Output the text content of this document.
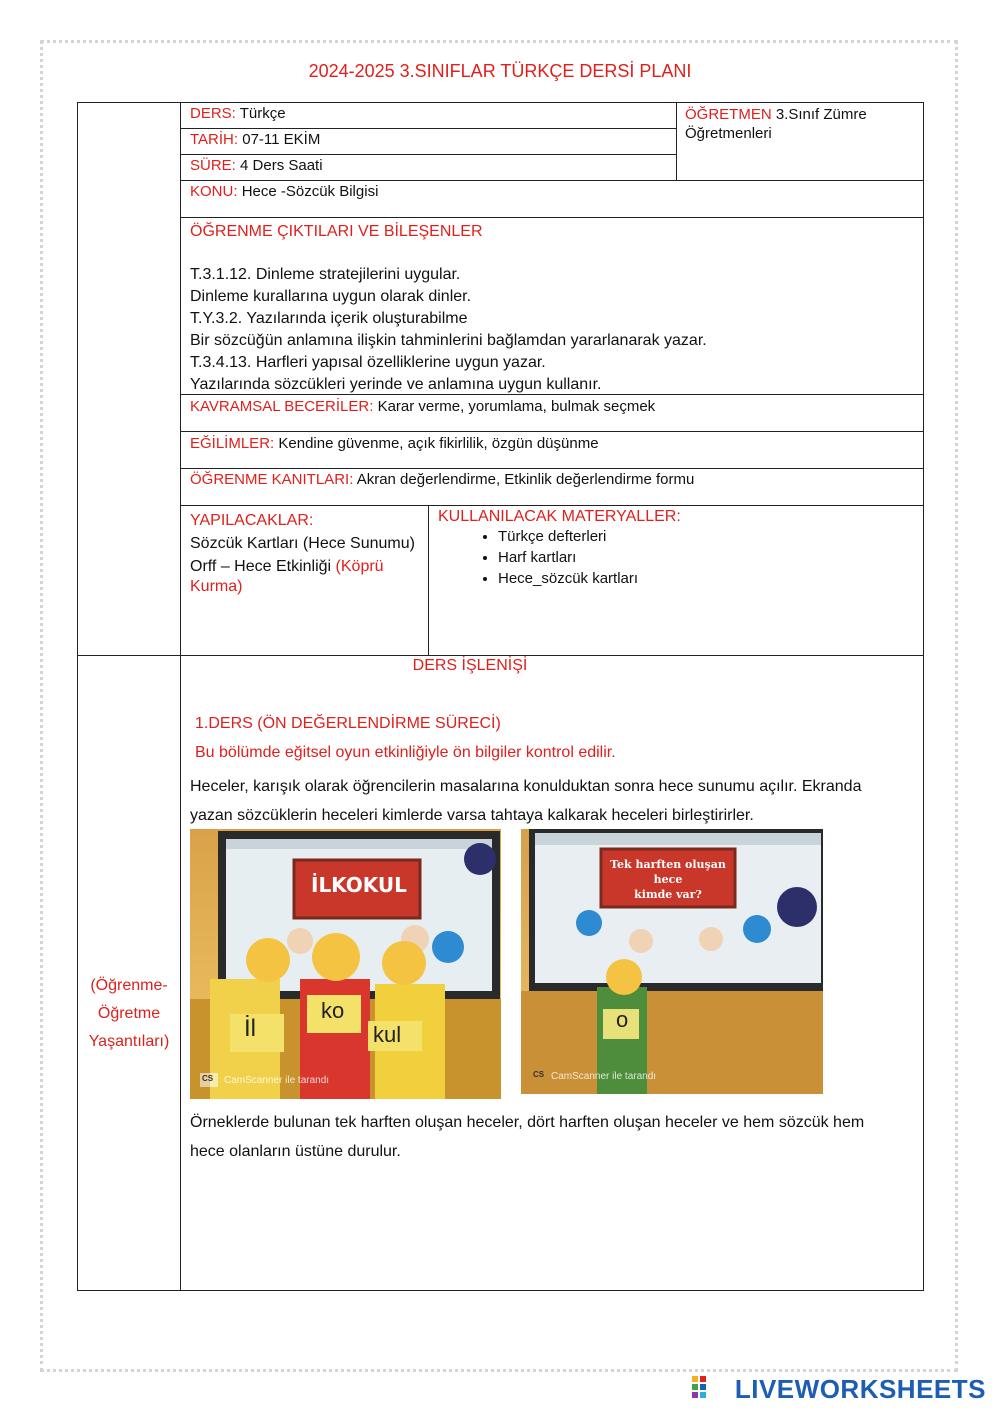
2024-2025 3.SINIFLAR TÜRKÇE DERSİ PLANI
DERS: Türkçe
TARİH: 07-11 EKİM
SÜRE: 4 Ders Saati
ÖĞRETMEN 3.Sınıf Zümre Öğretmenleri
KONU: Hece -Sözcük Bilgisi
ÖĞRENME ÇIKTILARI VE BİLEŞENLER
T.3.1.12. Dinleme stratejilerini uygular.
Dinleme kurallarına uygun olarak dinler.
T.Y.3.2. Yazılarında içerik oluşturabilme
Bir sözcüğün anlamına ilişkin tahminlerini bağlamdan yararlanarak yazar.
T.3.4.13. Harfleri yapısal özelliklerine uygun yazar.
Yazılarında sözcükleri yerinde ve anlamına uygun kullanır.
KAVRAMSAL BECERİLER: Karar verme, yorumlama, bulmak seçmek
EĞİLİMLER: Kendine güvenme, açık fikirlilik, özgün düşünme
ÖĞRENME KANITLARI: Akran değerlendirme, Etkinlik değerlendirme formu
YAPILACAKLAR:
Sözcük Kartları (Hece Sunumu)
Orff – Hece Etkinliği (Köprü Kurma)
KULLANILACAK MATERYALLER:
• Türkçe defterleri
• Harf kartları
• Hece_sözcük kartları
(Öğrenme-
Öğretme
Yaşantıları)
DERS İŞLENİŞİ
1.DERS (ÖN DEĞERLENDİRME SÜRECİ)
Bu bölümde eğitsel oyun etkinliğiyle ön bilgiler kontrol edilir.
Heceler, karışık olarak öğrencilerin masalarına konulduktan sonra hece sunumu açılır. Ekranda
yazan sözcüklerin heceleri kimlerde varsa tahtaya kalkarak heceleri birleştirirler.
İLKOKUL
İl
ko
kul
CS CamScanner ile tarandı
Tek harften oluşan hece
kimde var?
o
CS CamScanner ile tarandı
Örneklerde bulunan tek harften oluşan heceler, dört harften oluşan heceler ve hem sözcük hem
hece olanların üstüne durulur.
LIVEWORKSHEETS
